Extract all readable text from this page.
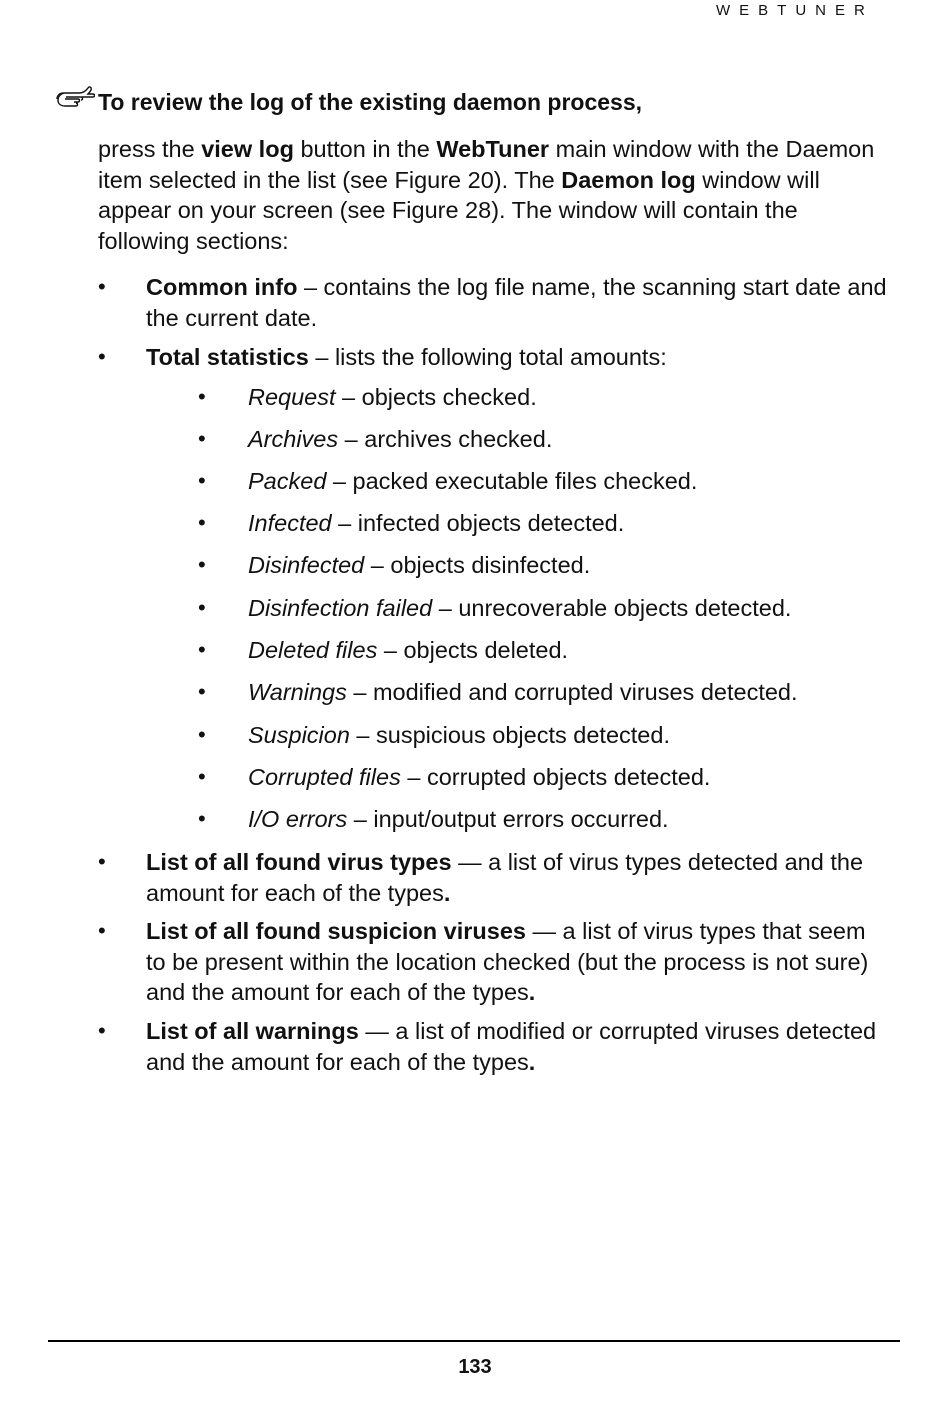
WEBTUNER
To review the log of the existing daemon process,

press the view log button in the WebTuner main window with the Daemon item selected in the list (see Figure 20). The Daemon log window will appear on your screen (see Figure 28). The window will contain the following sections:

• Common info – contains the log file name, the scanning start date and the current date.
• Total statistics – lists the following total amounts:
• Request – objects checked.
• Archives – archives checked.
• Packed – packed executable files checked.
• Infected – infected objects detected.
• Disinfected – objects disinfected.
• Disinfection failed – unrecoverable objects detected.
• Deleted files – objects deleted.
• Warnings – modified and corrupted viruses detected.
• Suspicion – suspicious objects detected.
• Corrupted files – corrupted objects detected.
• I/O errors – input/output errors occurred.
• List of all found virus types — a list of virus types detected and the amount for each of the types.
• List of all found suspicion viruses — a list of virus types that seem to be present within the location checked (but the process is not sure) and the amount for each of the types.
• List of all warnings — a list of modified or corrupted viruses detected and the amount for each of the types.
133
